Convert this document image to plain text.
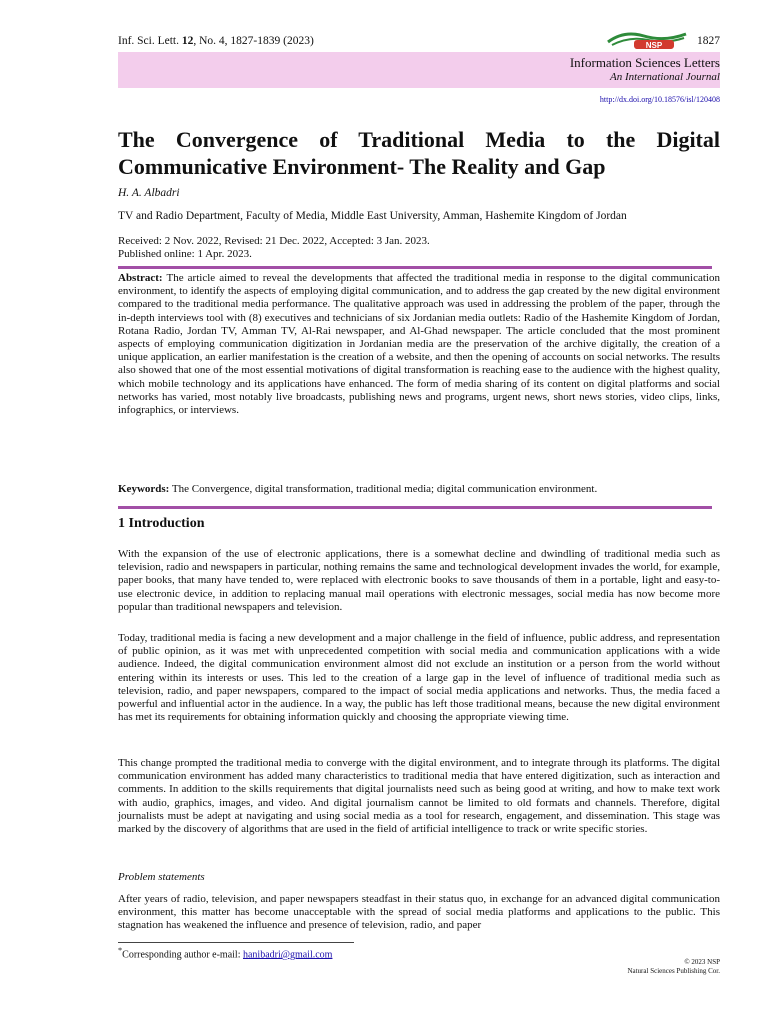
Inf. Sci. Lett. 12, No. 4, 1827-1839 (2023)	NSP	1827
Information Sciences Letters
An International Journal
http://dx.doi.org/10.18576/isl/120408
The Convergence of Traditional Media to the Digital Communicative Environment- The Reality and Gap
H. A. Albadri
TV and Radio Department, Faculty of Media, Middle East University, Amman, Hashemite Kingdom of Jordan
Received: 2 Nov. 2022, Revised: 21 Dec. 2022, Accepted: 3 Jan. 2023.
Published online: 1 Apr. 2023.
Abstract: The article aimed to reveal the developments that affected the traditional media in response to the digital communication environment, to identify the aspects of employing digital communication, and to address the gap created by the new digital environment compared to the traditional media performance. The qualitative approach was used in addressing the problem of the paper, through the in-depth interviews tool with (8) executives and technicians of six Jordanian media outlets: Radio of the Hashemite Kingdom of Jordan, Rotana Radio, Jordan TV, Amman TV, Al-Rai newspaper, and Al-Ghad newspaper. The article concluded that the most prominent aspects of employing communication digitization in Jordanian media are the preservation of the archive digitally, the creation of a unique application, an earlier manifestation is the creation of a website, and then the opening of accounts on social networks. The results also showed that one of the most essential motivations of digital transformation is reaching ease to the audience with the highest quality, which mobile technology and its applications have enhanced. The form of media sharing of its content on digital platforms and social networks has varied, most notably live broadcasts, publishing news and programs, urgent news, short news stories, video clips, links, infographics, or interviews.
Keywords: The Convergence, digital transformation, traditional media; digital communication environment.
1 Introduction
With the expansion of the use of electronic applications, there is a somewhat decline and dwindling of traditional media such as television, radio and newspapers in particular, nothing remains the same and technological development invades the world, for example, paper books, that many have tended to, were replaced with electronic books to save thousands of them in a portable, light and easy-to-use electronic device, in addition to replacing manual mail operations with electronic messages, social media has now become more popular than traditional newspapers and television.
Today, traditional media is facing a new development and a major challenge in the field of influence, public address, and representation of public opinion, as it was met with unprecedented competition with social media and communication applications with a wide audience. Indeed, the digital communication environment almost did not exclude an institution or a person from the world without entering within its interests or uses. This led to the creation of a large gap in the level of influence of traditional media such as television, radio, and paper newspapers, compared to the impact of social media applications and networks. Thus, the media faced a powerful and influential actor in the audience. In a way, the public has left those traditional means, because the new digital environment has met its requirements for obtaining information quickly and choosing the appropriate viewing time.
This change prompted the traditional media to converge with the digital environment, and to integrate through its platforms. The digital communication environment has added many characteristics to traditional media that have entered digitization, such as interaction and comments. In addition to the skills requirements that digital journalists need such as being good at writing, and how to make text work with audio, graphics, images, and video. And digital journalism cannot be limited to old formats and channels. Therefore, digital journalists must be adept at navigating and using social media as a tool for research, engagement, and dissemination. This stage was marked by the discovery of algorithms that are used in the field of artificial intelligence to track or write specific stories.
Problem statements
After years of radio, television, and paper newspapers steadfast in their status quo, in exchange for an advanced digital communication environment, this matter has become unacceptable with the spread of social media platforms and applications to the public. This stagnation has weakened the influence and presence of television, radio, and paper
*Corresponding author e-mail: hanibadri@gmail.com
© 2023 NSP
Natural Sciences Publishing Cor.
